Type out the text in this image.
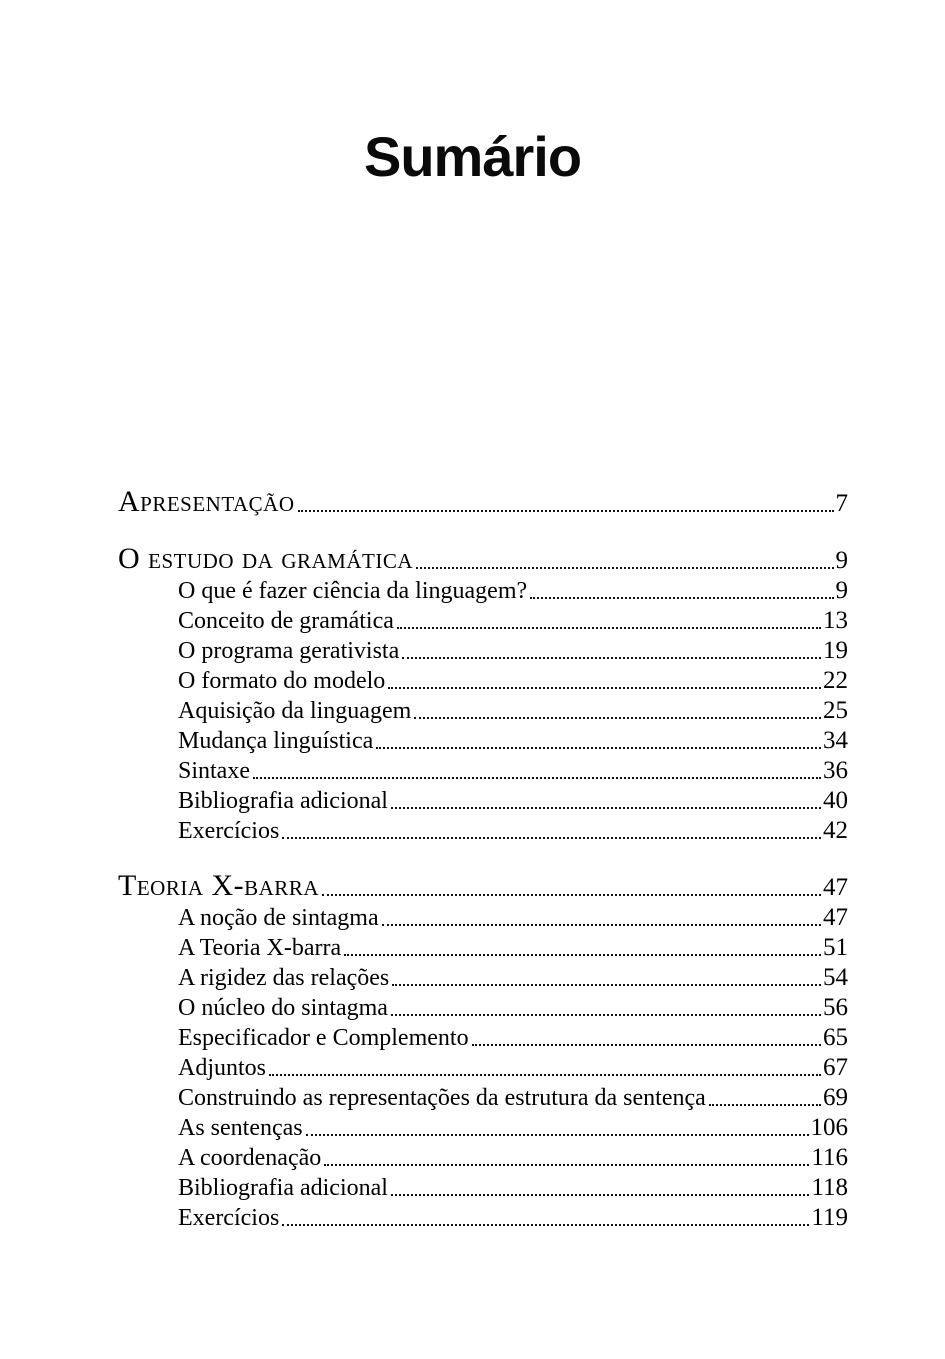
Sumário
Apresentação	7
O estudo da gramática	9
O que é fazer ciência da linguagem?	9
Conceito de gramática	13
O programa gerativista	19
O formato do modelo	22
Aquisição da linguagem	25
Mudança linguística	34
Sintaxe	36
Bibliografia adicional	40
Exercícios	42
Teoria X-barra	47
A noção de sintagma	47
A Teoria X-barra	51
A rigidez das relações	54
O núcleo do sintagma	56
Especificador e Complemento	65
Adjuntos	67
Construindo as representações da estrutura da sentença	69
As sentenças	106
A coordenação	116
Bibliografia adicional	118
Exercícios	119
